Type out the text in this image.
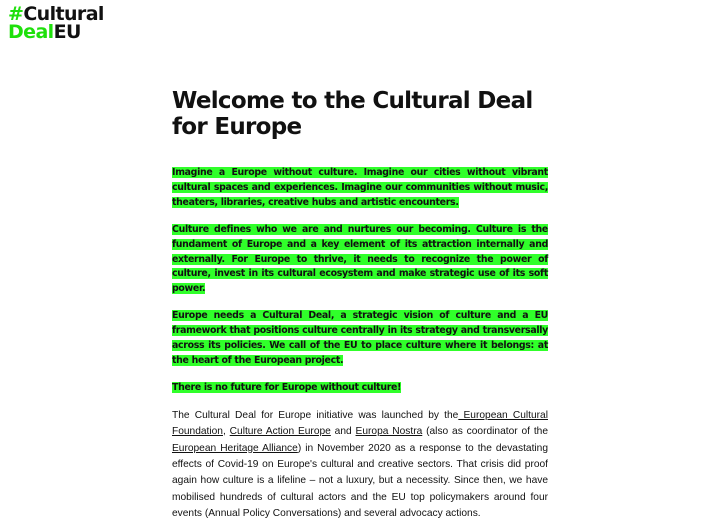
#Cultural
DealEU
Welcome to the Cultural Deal for Europe

Imagine a Europe without culture. Imagine our cities without vibrant cultural spaces and experiences. Imagine our communities without music, theaters, libraries, creative hubs and artistic encounters.

Culture defines who we are and nurtures our becoming. Culture is the fundament of Europe and a key element of its attraction internally and externally. For Europe to thrive, it needs to recognize the power of culture, invest in its cultural ecosystem and make strategic use of its soft power.

Europe needs a Cultural Deal, a strategic vision of culture and a EU framework that positions culture centrally in its strategy and transversally across its policies. We call of the EU to place culture where it belongs: at the heart of the European project.

There is no future for Europe without culture!

The Cultural Deal for Europe initiative was launched by the European Cultural Foundation, Culture Action Europe and Europa Nostra (also as coordinator of the European Heritage Alliance) in November 2020 as a response to the devastating effects of Covid-19 on Europe's cultural and creative sectors. That crisis did proof again how culture is a lifeline – not a luxury, but a necessity. Since then, we have mobilised hundreds of cultural actors and the EU top policymakers around four events (Annual Policy Conversations) and several advocacy actions.
